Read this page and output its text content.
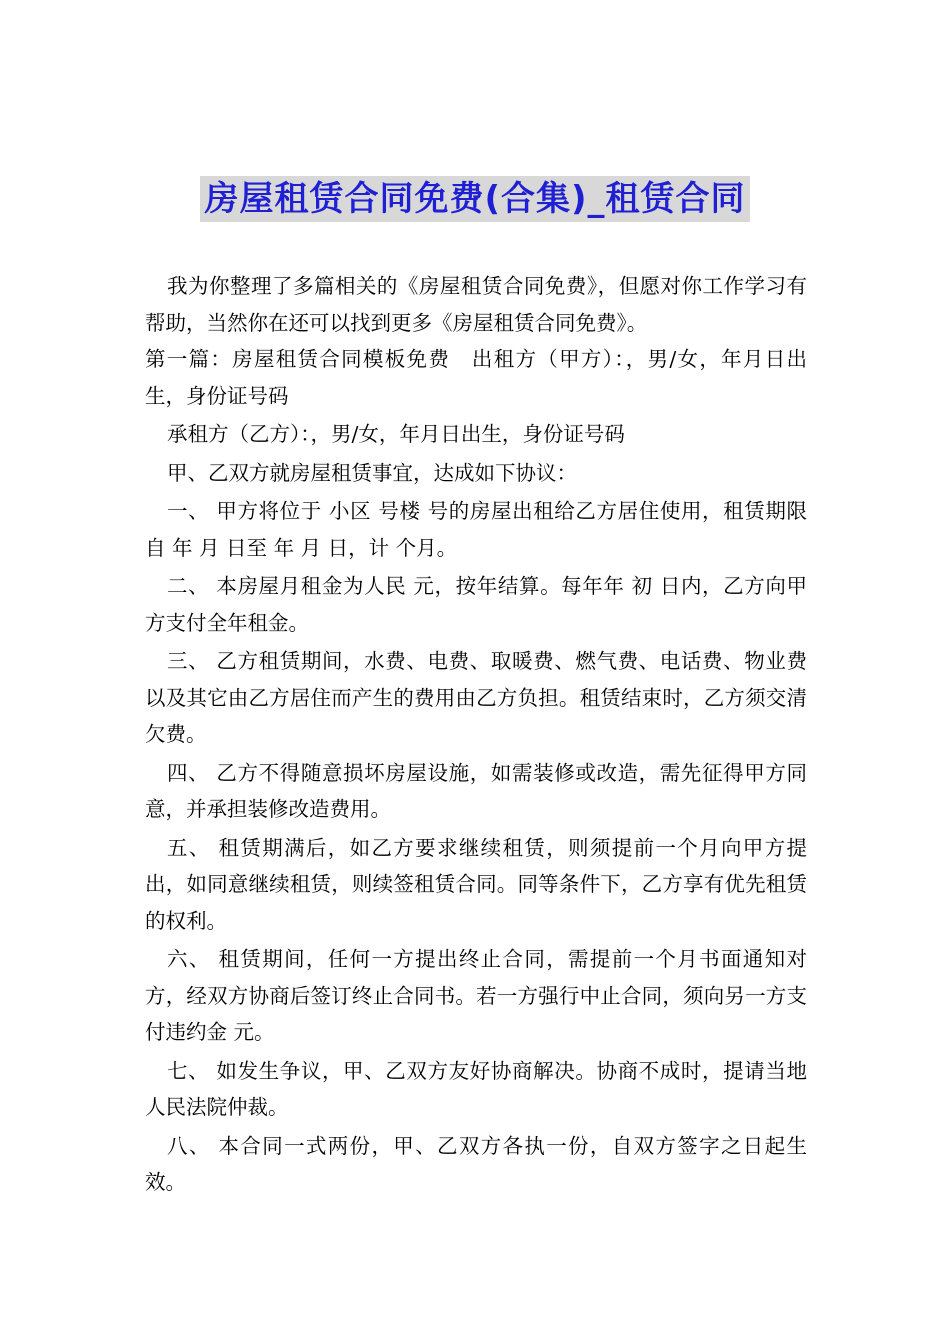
房屋租赁合同免费(合集)_租赁合同

我为你整理了多篇相关的《房屋租赁合同免费》，但愿对你工作学习有帮助，当然你在还可以找到更多《房屋租赁合同免费》。

第一篇：房屋租赁合同模板免费　出租方（甲方）：，男/女，年月日出生，身份证号码

承租方（乙方）：，男/女，年月日出生，身份证号码

甲、乙双方就房屋租赁事宜，达成如下协议：

一、 甲方将位于 小区 号楼 号的房屋出租给乙方居住使用，租赁期限自 年 月 日至 年 月 日，计 个月。

二、 本房屋月租金为人民 元，按年结算。每年年 初 日内，乙方向甲方支付全年租金。

三、 乙方租赁期间，水费、电费、取暖费、燃气费、电话费、物业费以及其它由乙方居住而产生的费用由乙方负担。租赁结束时，乙方须交清欠费。

四、 乙方不得随意损坏房屋设施，如需装修或改造，需先征得甲方同意，并承担装修改造费用。

五、 租赁期满后，如乙方要求继续租赁，则须提前一个月向甲方提出，如同意继续租赁，则续签租赁合同。同等条件下，乙方享有优先租赁的权利。

六、 租赁期间，任何一方提出终止合同，需提前一个月书面通知对方，经双方协商后签订终止合同书。若一方强行中止合同，须向另一方支付违约金 元。

七、 如发生争议，甲、乙双方友好协商解决。协商不成时，提请当地人民法院仲裁。

八、 本合同一式两份，甲、乙双方各执一份，自双方签字之日起生效。
